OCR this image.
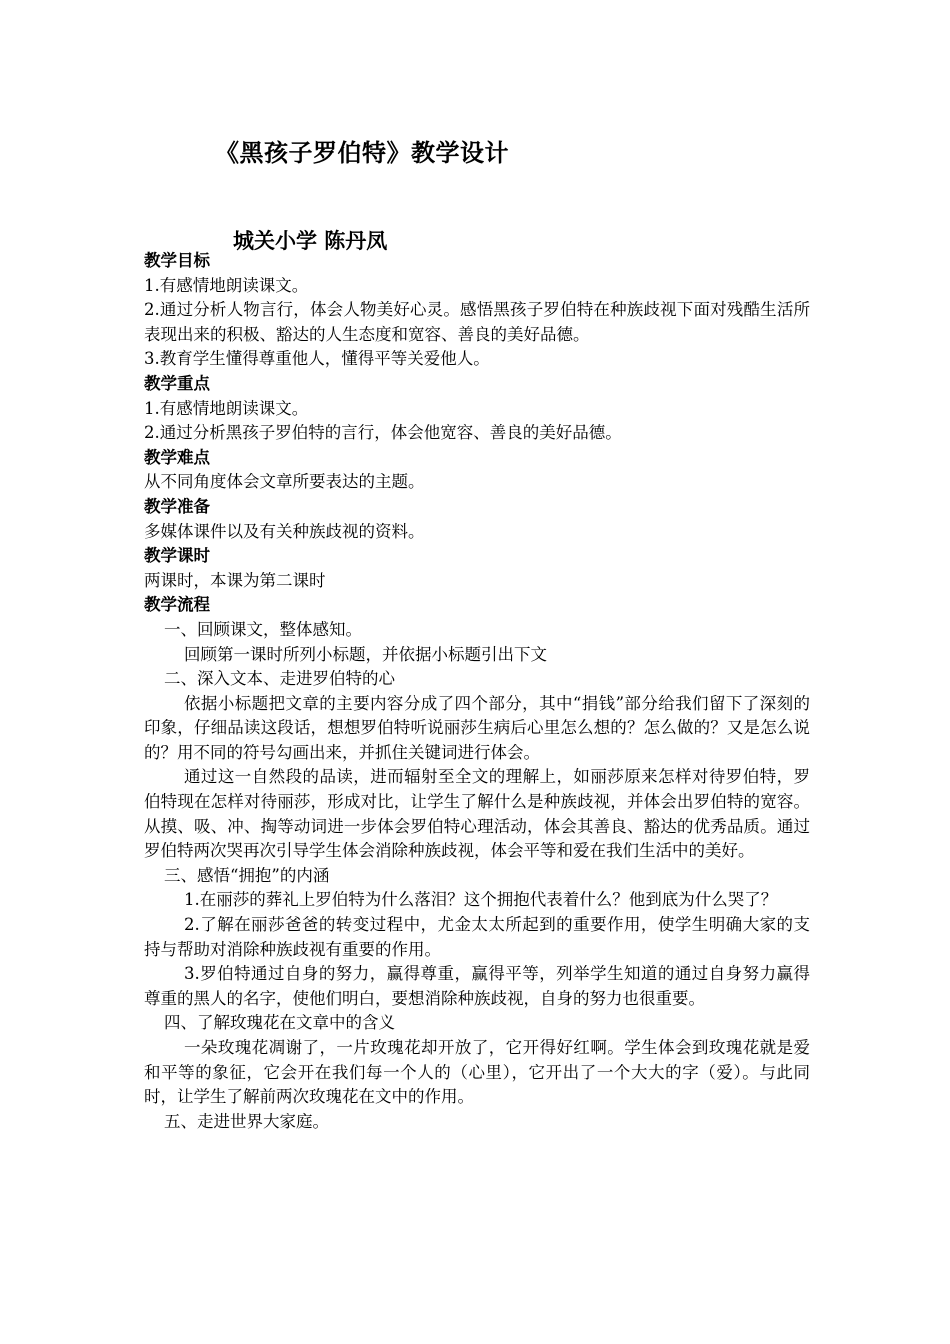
《黑孩子罗伯特》教学设计
城关小学 陈丹凤

教学目标

1.有感情地朗读课文。

2.通过分析人物言行，体会人物美好心灵。感悟黑孩子罗伯特在种族歧视下面对残酷生活所表现出来的积极、豁达的人生态度和宽容、善良的美好品德。

3.教育学生懂得尊重他人，懂得平等关爱他人。

教学重点

1.有感情地朗读课文。

2.通过分析黑孩子罗伯特的言行，体会他宽容、善良的美好品德。

教学难点

从不同角度体会文章所要表达的主题。

教学准备

多媒体课件以及有关种族歧视的资料。

教学课时

两课时，本课为第二课时

教学流程

一、回顾课文，整体感知。

回顾第一课时所列小标题，并依据小标题引出下文

二、深入文本、走进罗伯特的心

依据小标题把文章的主要内容分成了四个部分，其中“捐钱”部分给我们留下了深刻的印象，仔细品读这段话，想想罗伯特听说丽莎生病后心里怎么想的？怎么做的？又是怎么说的？用不同的符号勾画出来，并抓住关键词进行体会。

通过这一自然段的品读，进而辐射至全文的理解上，如丽莎原来怎样对待罗伯特，罗伯特现在怎样对待丽莎，形成对比，让学生了解什么是种族歧视，并体会出罗伯特的宽容。从摸、吸、冲、掏等动词进一步体会罗伯特心理活动，体会其善良、豁达的优秀品质。通过罗伯特两次哭再次引导学生体会消除种族歧视，体会平等和爱在我们生活中的美好。

三、感悟“拥抱”的内涵

1.在丽莎的葬礼上罗伯特为什么落泪？这个拥抱代表着什么？他到底为什么哭了？

2.了解在丽莎爸爸的转变过程中，尤金太太所起到的重要作用，使学生明确大家的支持与帮助对消除种族歧视有重要的作用。

3.罗伯特通过自身的努力，赢得尊重，赢得平等，列举学生知道的通过自身努力赢得尊重的黑人的名字，使他们明白，要想消除种族歧视，自身的努力也很重要。

四、了解玫瑰花在文章中的含义

一朵玫瑰花凋谢了，一片玫瑰花却开放了，它开得好红啊。学生体会到玫瑰花就是爱和平等的象征，它会开在我们每一个人的（心里），它开出了一个大大的字（爱）。与此同时，让学生了解前两次玫瑰花在文中的作用。

五、走进世界大家庭。
